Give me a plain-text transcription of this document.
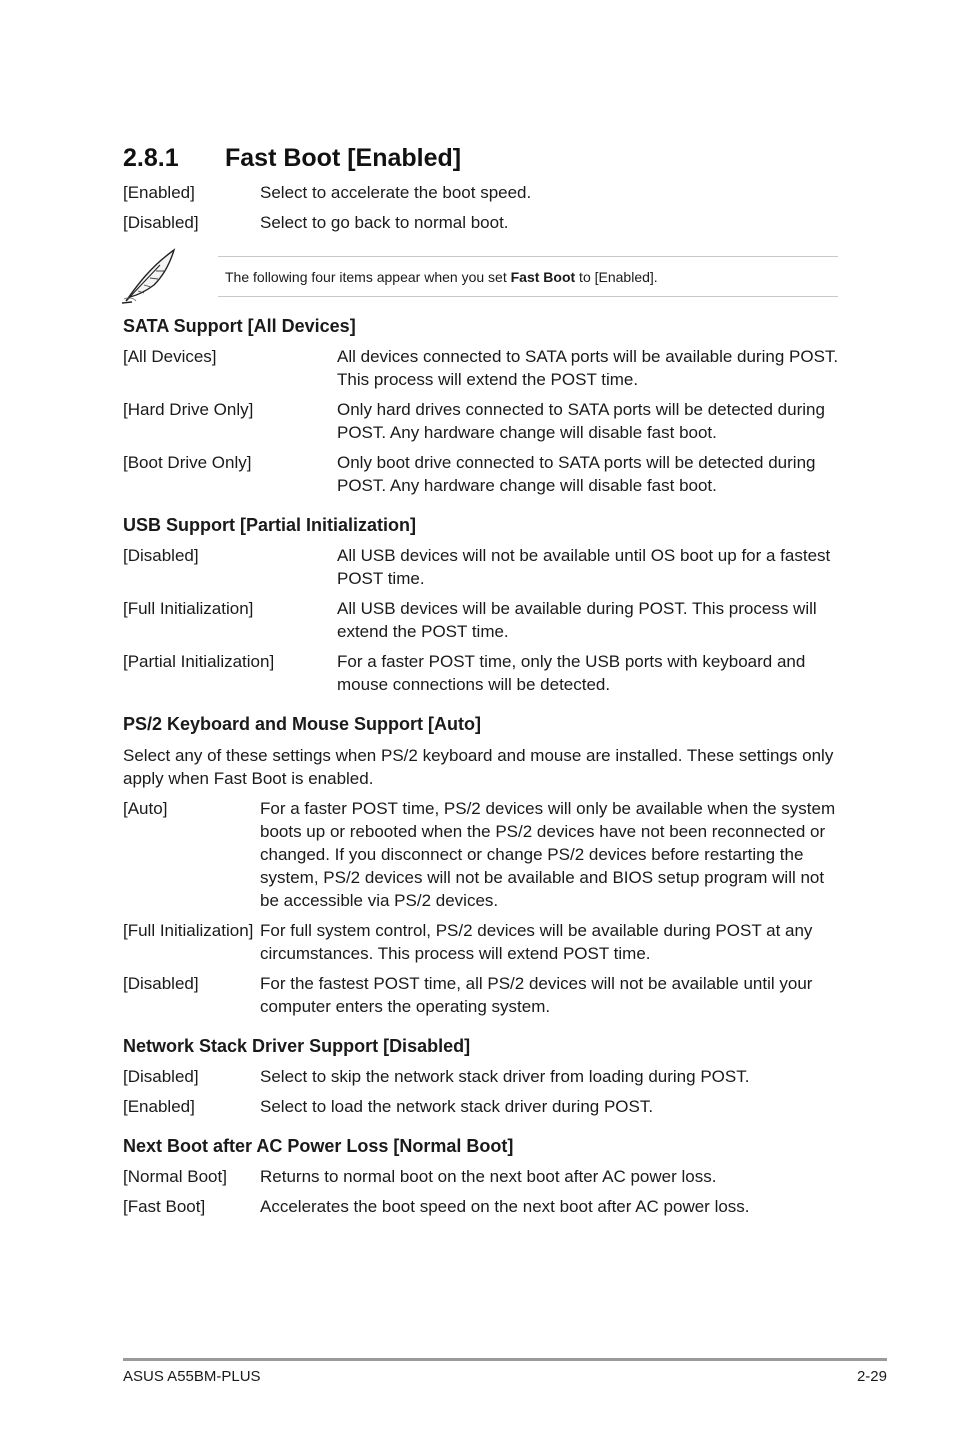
2.8.1 Fast Boot [Enabled]
[Enabled]	Select to accelerate the boot speed.
[Disabled]	Select to go back to normal boot.
The following four items appear when you set Fast Boot to [Enabled].
SATA Support [All Devices]
[All Devices]	All devices connected to SATA ports will be available during POST. This process will extend the POST time.
[Hard Drive Only]	Only hard drives connected to SATA ports will be detected during POST. Any hardware change will disable fast boot.
[Boot Drive Only]	Only boot drive connected to SATA ports will be detected during POST. Any hardware change will disable fast boot.
USB Support [Partial Initialization]
[Disabled]	All USB devices will not be available until OS boot up for a fastest POST time.
[Full Initialization]	All USB devices will be available during POST. This process will extend the POST time.
[Partial Initialization]	For a faster POST time, only the USB ports with keyboard and mouse connections will be detected.
PS/2 Keyboard and Mouse Support [Auto]
Select any of these settings when PS/2 keyboard and mouse are installed. These settings only apply when Fast Boot is enabled.
[Auto]	For a faster POST time, PS/2 devices will only be available when the system boots up or rebooted when the PS/2 devices have not been reconnected or changed. If you disconnect or change PS/2 devices before restarting the system, PS/2 devices will not be available and BIOS setup program will not be accessible via PS/2 devices.
[Full Initialization] For full system control, PS/2 devices will be available during POST at any circumstances. This process will extend POST time.
[Disabled]	For the fastest POST time, all PS/2 devices will not be available until your computer enters the operating system.
Network Stack Driver Support [Disabled]
[Disabled]	Select to skip the network stack driver from loading during POST.
[Enabled]	Select to load the network stack driver during POST.
Next Boot after AC Power Loss [Normal Boot]
[Normal Boot] Returns to normal boot on the next boot after AC power loss.
[Fast Boot]	Accelerates the boot speed on the next boot after AC power loss.
ASUS A55BM-PLUS	2-29
